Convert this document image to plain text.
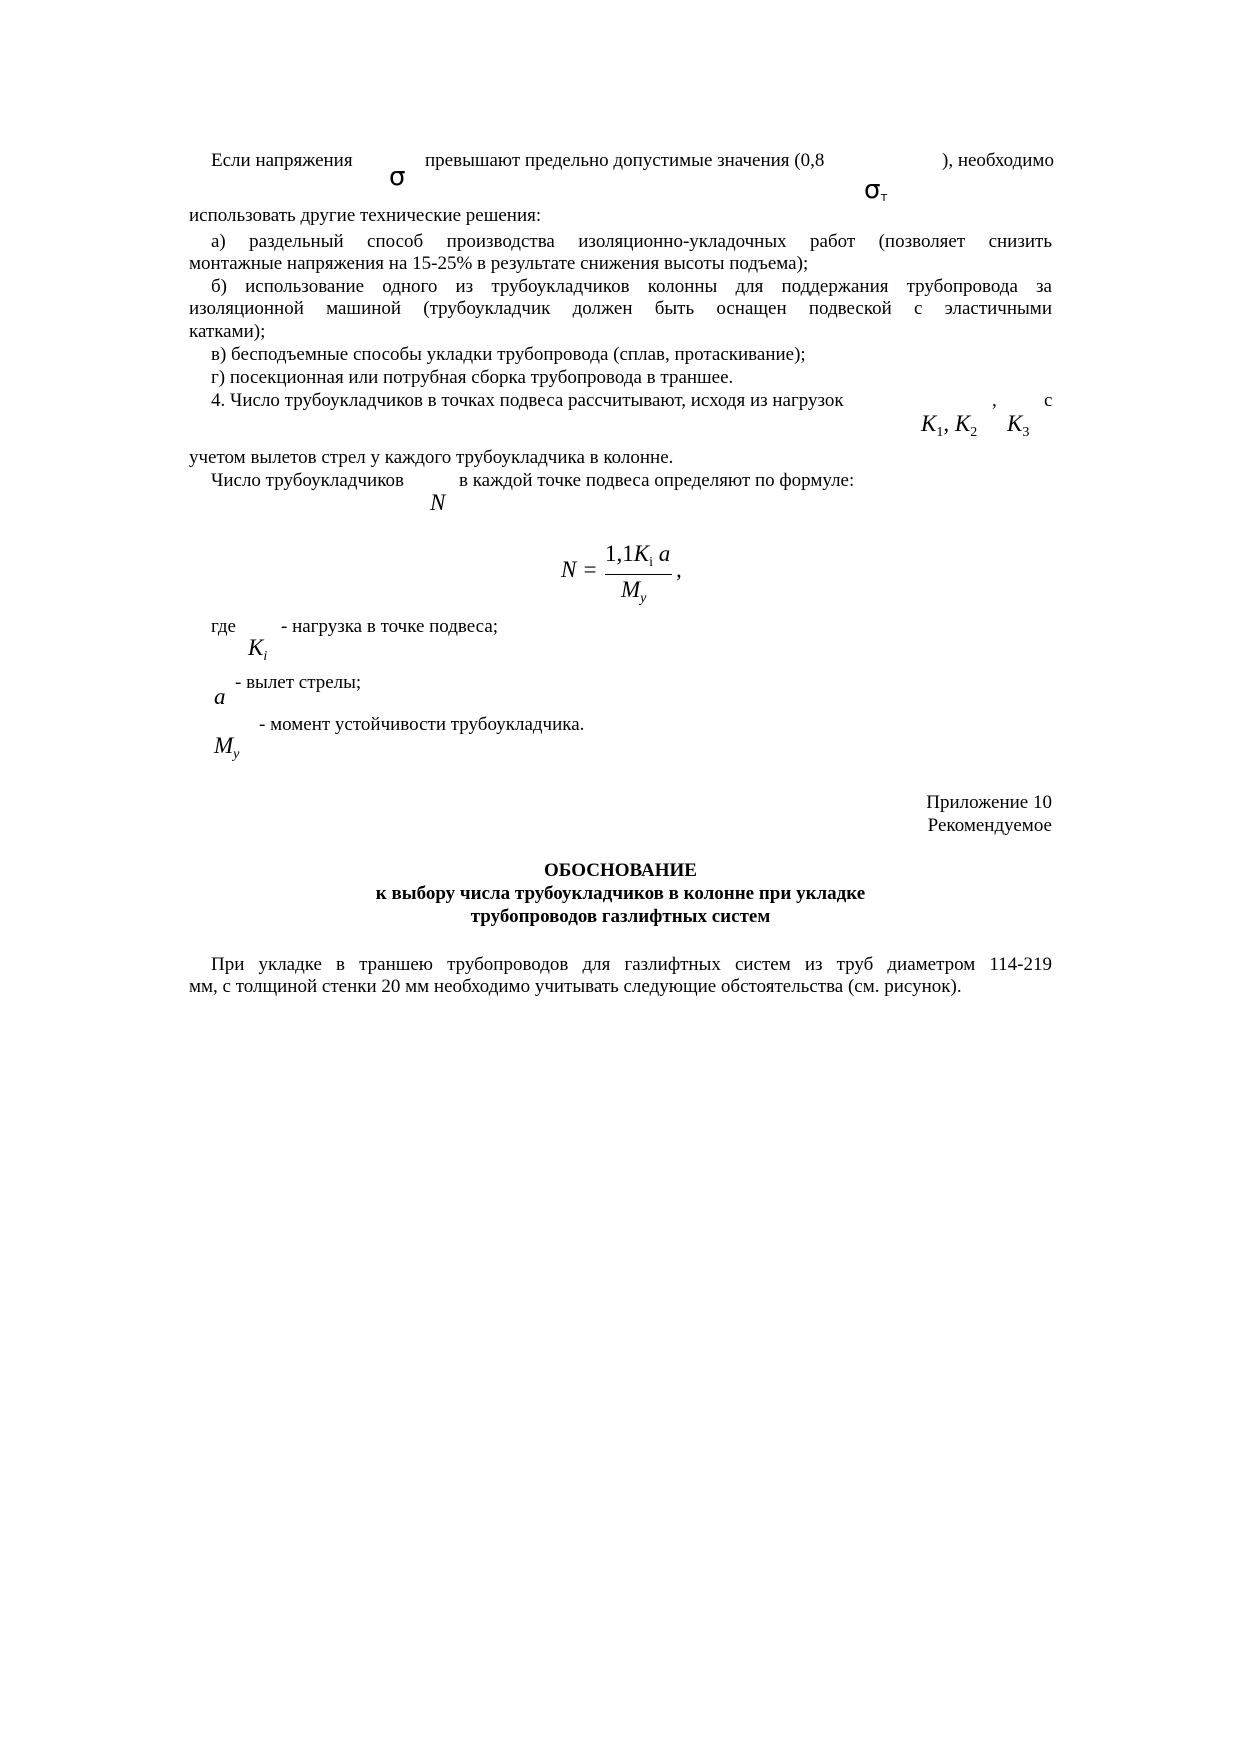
Если напряжения
σ
превышают предельно допустимые значения (0,8	), необходимо
σт
использовать другие технические решения:
а) раздельный способ производства изоляционно-укладочных работ (позволяет снизить
монтажные напряжения на 15-25% в результате снижения высоты подъема);
б) использование одного из трубоукладчиков колонны для поддержания трубопровода за
изоляционной машиной (трубоукладчик должен быть оснащен подвеской с эластичными
катками);
в) бесподъемные способы укладки трубопровода (сплав, протаскивание);
г) посекционная или потрубная сборка трубопровода в траншее.
4. Число трубоукладчиков в точках подвеса рассчитывают, исходя из нагрузок	, с
$K_1$, $K_2$ $K_3$
учетом вылетов стрел у каждого трубоукладчика в колонне.
Число трубоукладчиков
N
в каждой точке подвеса определяют по формуле:
N =
$1,1K_i$ a
$M_у$
,
где - нагрузка в точке подвеса;
$K_i$
a
- вылет стрелы;
- момент устойчивости трубоукладчика.
$M_у$
Приложение 10
Рекомендуемое
ОБОСНОВАНИЕ
к выбору числа трубоукладчиков в колонне при укладке
трубопроводов газлифтных систем
При укладке в траншею трубопроводов для газлифтных систем из труб диаметром 114-219
мм, с толщиной стенки 20 мм необходимо учитывать следующие обстоятельства (см. рисунок).
